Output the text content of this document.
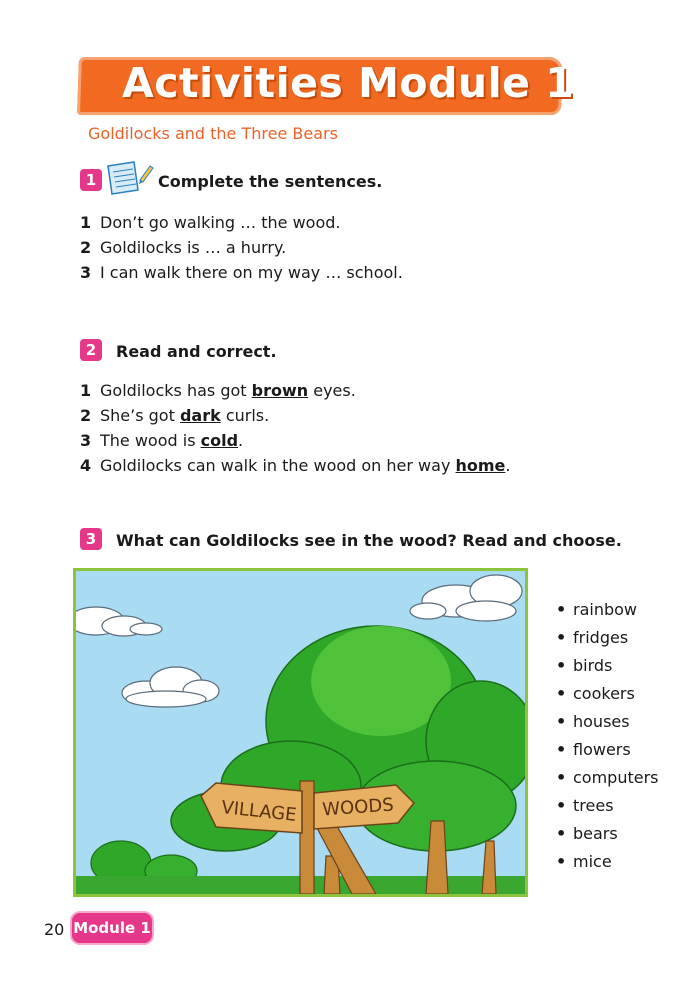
Activities Module 1
Goldilocks and the Three Bears
1	Complete the sentences.
1 Don’t go walking … the wood.
2 Goldilocks is … a hurry.
3 I can walk there on my way … school.
2	Read and correct.
1 Goldilocks has got brown eyes.
2 She’s got dark curls.
3 The wood is cold.
4 Goldilocks can walk in the wood on her way home.
3	What can Goldilocks see in the wood? Read and choose.
VILLAGE WOODS
• rainbow
• fridges
• birds
• cookers
• houses
• flowers
• computers
• trees
• bears
• mice
20 Module 1
